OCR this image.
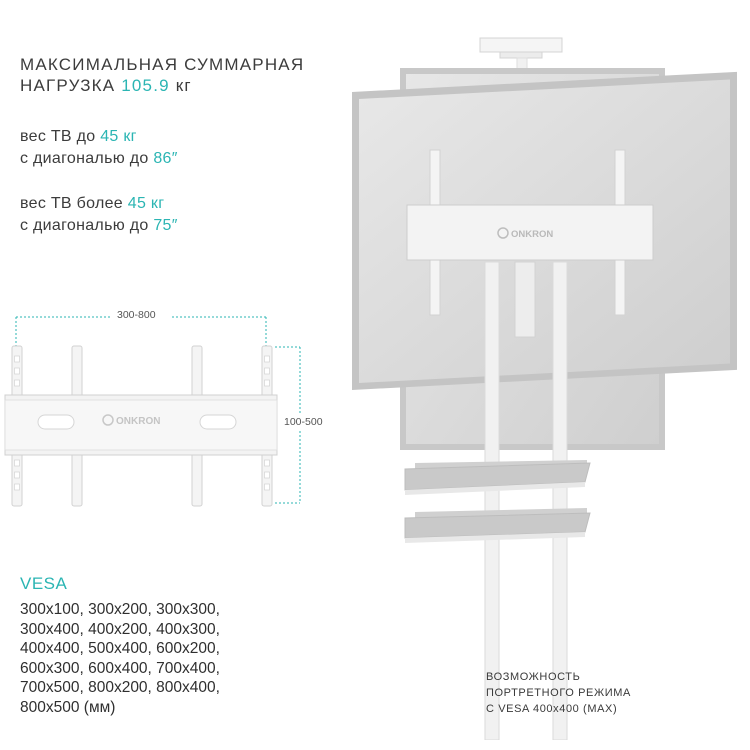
МАКСИМАЛЬНАЯ СУММАРНАЯ
НАГРУЗКА 105.9 кг
вес ТВ до 45 кг
с диагональю до 86″
вес ТВ более 45 кг
с диагональю до 75″
ONKRON
300-800
100-500
ONKRON
VESA
300x100, 300x200, 300x300,
300x400, 400x200, 400x300,
400x400, 500x400, 600x200,
600x300, 600x400, 700x400,
700x500, 800x200, 800x400,
800x500 (мм)
ВОЗМОЖНОСТЬ
ПОРТРЕТНОГО РЕЖИМА
С VESA 400x400 (MAX)
